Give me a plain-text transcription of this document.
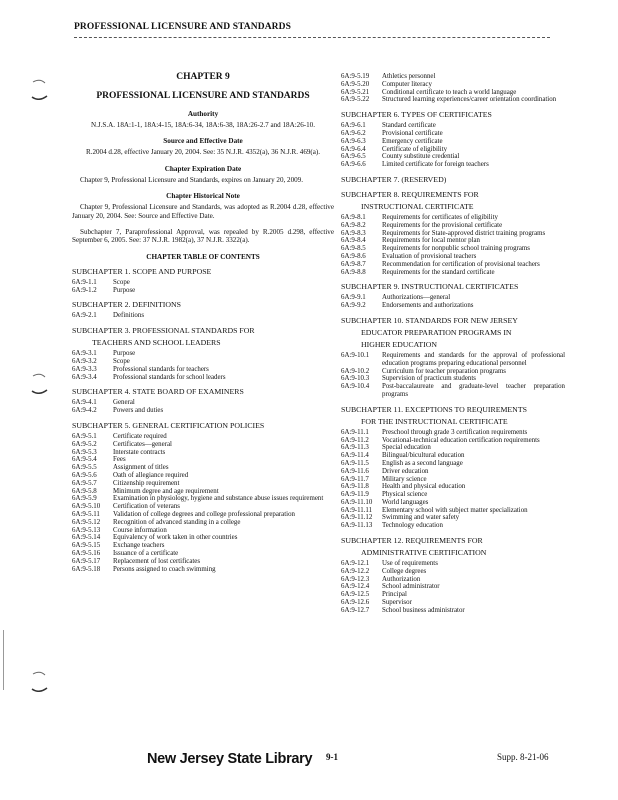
PROFESSIONAL LICENSURE AND STANDARDS
CHAPTER 9
PROFESSIONAL LICENSURE AND STANDARDS
Authority
N.J.S.A. 18A:1-1, 18A:4-15, 18A:6-34, 18A:6-38, 18A:26-2.7 and 18A:26-10.
Source and Effective Date
R.2004 d.28, effective January 20, 2004. See: 35 N.J.R. 4352(a), 36 N.J.R. 469(a).
Chapter Expiration Date
Chapter 9, Professional Licensure and Standards, expires on January 20, 2009.
Chapter Historical Note
Chapter 9, Professional Licensure and Standards, was adopted as R.2004 d.28, effective January 20, 2004. See: Source and Effective Date.
Subchapter 7, Paraprofessional Approval, was repealed by R.2005 d.298, effective September 6, 2005. See: 37 N.J.R. 1982(a), 37 N.J.R. 3322(a).
CHAPTER TABLE OF CONTENTS
SUBCHAPTER 1. SCOPE AND PURPOSE
6A:9-1.1	Scope
6A:9-1.2	Purpose
SUBCHAPTER 2. DEFINITIONS
6A:9-2.1	Definitions
SUBCHAPTER 3. PROFESSIONAL STANDARDS FOR
TEACHERS AND SCHOOL LEADERS
6A:9-3.1	Purpose
6A:9-3.2	Scope
6A:9-3.3	Professional standards for teachers
6A:9-3.4	Professional standards for school leaders
SUBCHAPTER 4. STATE BOARD OF EXAMINERS
6A:9-4.1	General
6A:9-4.2	Powers and duties
SUBCHAPTER 5. GENERAL CERTIFICATION POLICIES
6A:9-5.1	Certificate required
6A:9-5.2	Certificates—general
6A:9-5.3	Interstate contracts
6A:9-5.4	Fees
6A:9-5.5	Assignment of titles
6A:9-5.6	Oath of allegiance required
6A:9-5.7	Citizenship requirement
6A:9-5.8	Minimum degree and age requirement
6A:9-5.9	Examination in physiology, hygiene and substance abuse issues requirement
6A:9-5.10	Certification of veterans
6A:9-5.11	Validation of college degrees and college professional preparation
6A:9-5.12	Recognition of advanced standing in a college
6A:9-5.13	Course information
6A:9-5.14	Equivalency of work taken in other countries
6A:9-5.15	Exchange teachers
6A:9-5.16	Issuance of a certificate
6A:9-5.17	Replacement of lost certificates
6A:9-5.18	Persons assigned to coach swimming
6A:9-5.19	Athletics personnel
6A:9-5.20	Computer literacy
6A:9-5.21	Conditional certificate to teach a world language
6A:9-5.22	Structured learning experiences/career orientation coordination
SUBCHAPTER 6. TYPES OF CERTIFICATES
6A:9-6.1	Standard certificate
6A:9-6.2	Provisional certificate
6A:9-6.3	Emergency certificate
6A:9-6.4	Certificate of eligibility
6A:9-6.5	County substitute credential
6A:9-6.6	Limited certificate for foreign teachers
SUBCHAPTER 7. (RESERVED)
SUBCHAPTER 8. REQUIREMENTS FOR
INSTRUCTIONAL CERTIFICATE
6A:9-8.1	Requirements for certificates of eligibility
6A:9-8.2	Requirements for the provisional certificate
6A:9-8.3	Requirements for State-approved district training programs
6A:9-8.4	Requirements for local mentor plan
6A:9-8.5	Requirements for nonpublic school training programs
6A:9-8.6	Evaluation of provisional teachers
6A:9-8.7	Recommendation for certification of provisional teachers
6A:9-8.8	Requirements for the standard certificate
SUBCHAPTER 9. INSTRUCTIONAL CERTIFICATES
6A:9-9.1	Authorizations—general
6A:9-9.2	Endorsements and authorizations
SUBCHAPTER 10. STANDARDS FOR NEW JERSEY
EDUCATOR PREPARATION PROGRAMS IN
HIGHER EDUCATION
6A:9-10.1	Requirements and standards for the approval of professional education programs preparing educational personnel
6A:9-10.2	Curriculum for teacher preparation programs
6A:9-10.3	Supervision of practicum students
6A:9-10.4	Post-baccalaureate and graduate-level teacher preparation programs
SUBCHAPTER 11. EXCEPTIONS TO REQUIREMENTS
FOR THE INSTRUCTIONAL CERTIFICATE
6A:9-11.1	Preschool through grade 3 certification requirements
6A:9-11.2	Vocational-technical education certification requirements
6A:9-11.3	Special education
6A:9-11.4	Bilingual/bicultural education
6A:9-11.5	English as a second language
6A:9-11.6	Driver education
6A:9-11.7	Military science
6A:9-11.8	Health and physical education
6A:9-11.9	Physical science
6A:9-11.10	World languages
6A:9-11.11	Elementary school with subject matter specialization
6A:9-11.12	Swimming and water safety
6A:9-11.13	Technology education
SUBCHAPTER 12. REQUIREMENTS FOR
ADMINISTRATIVE CERTIFICATION
6A:9-12.1	Use of requirements
6A:9-12.2	College degrees
6A:9-12.3	Authorization
6A:9-12.4	School administrator
6A:9-12.5	Principal
6A:9-12.6	Supervisor
6A:9-12.7	School business administrator
New Jersey State Library 9-1	Supp. 8-21-06
